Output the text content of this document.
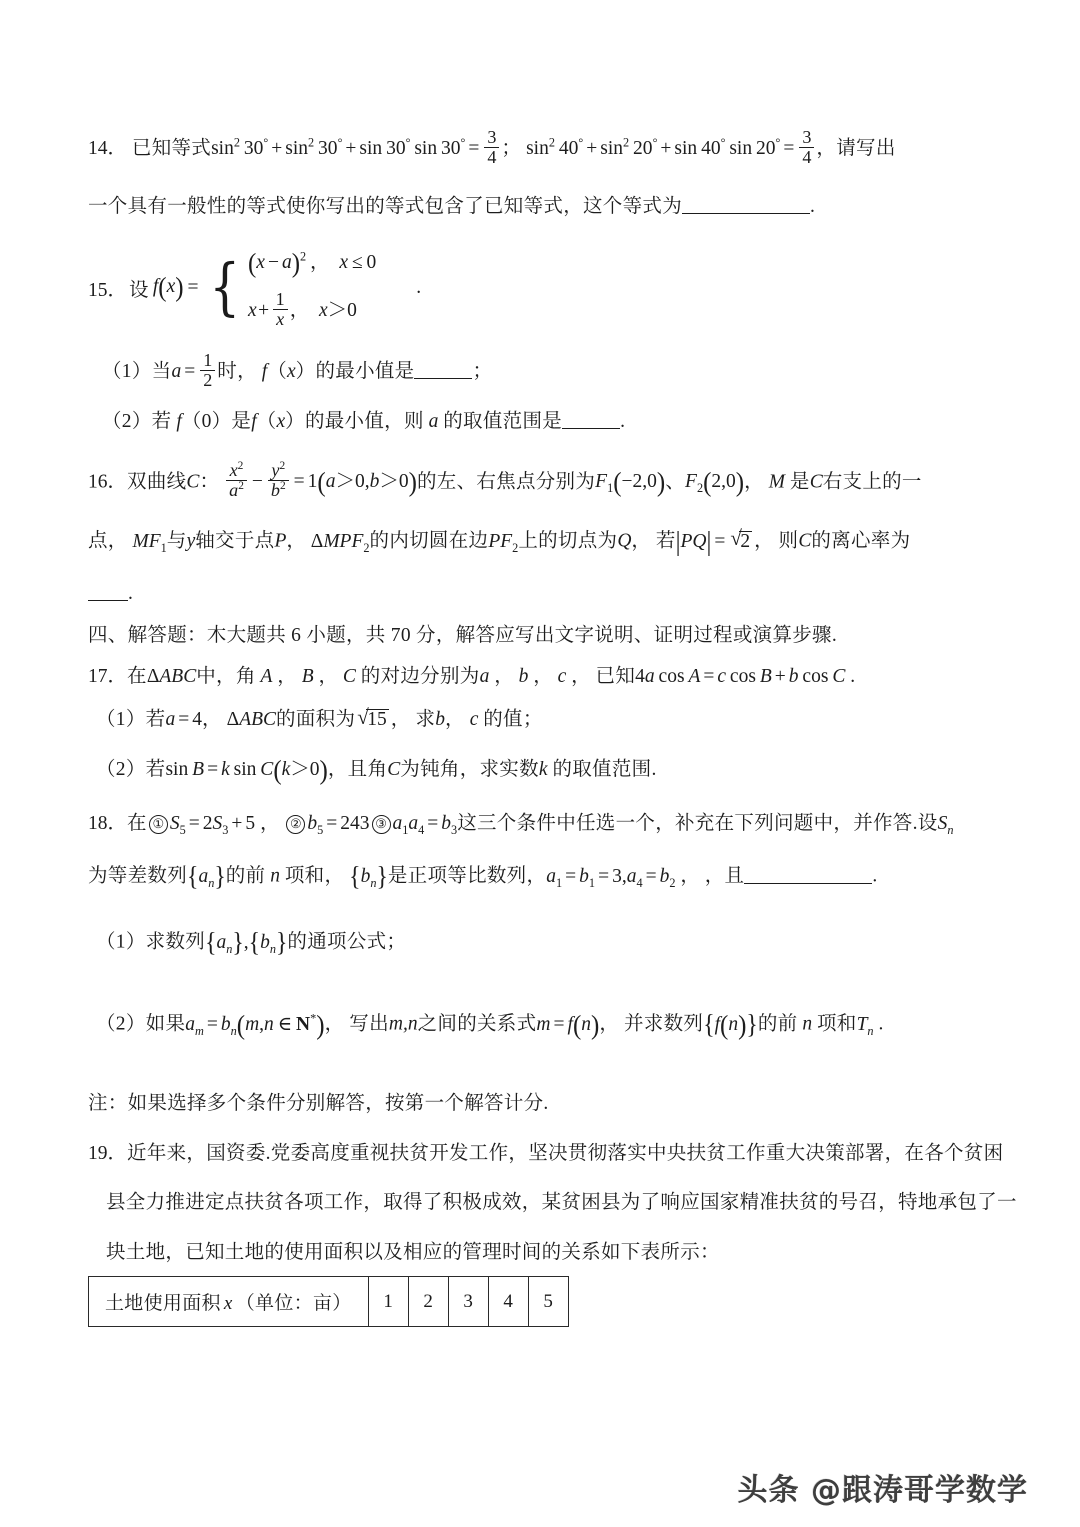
14． 已知等式$\sin^2 30^\circ + \sin^2 30^\circ + \sin 30^\circ$ $\sin 30^\circ = \frac{3}{4}$ ； $\sin^2 40^\circ + \sin^2 20^\circ + \sin 40^\circ$ $\sin 20^\circ = \frac{3}{4}$ ，请写出
一个具有一般性的等式使你写出的等式包含了已知等式，这个等式为	.
15． 设 f(x) = { $(x - a)^2$ ，  x ≤ 0
$x+ \frac{1}{x}$ ，  x＞0
.
（1）当$a = \frac{1}{2}$ 时， f（x）的最小值是	；
（2）若 f（0）是f（x）的最小值，则 a 的取值范围是	.
16．双曲线C： $\frac{x^2}{a^2} - \frac{y^2}{b^2} = 1(a>0,b>0)$的左、右焦点分别为$F_1(-2,0)$、$F_2(2,0)$， M 是C右支上的一
点， $MF_1$与y轴交于点P， $\Delta MPF_2$的内切圆在边$PF_2$上的切点为Q， 若|PQ| = √ 2 ， 则C的离心率为
.
四、解答题：木大题共 6 小题，共 70 分，解答应写出文字说明、证明过程或演算步骤.
17．在ΔABC中，角 A ， B ， C 的对边分别为a ， b ， c ， 已知4a cos A = c cos B + b cos C .
（1）若a = 4， ΔABC的面积为 √ 15 ， 求b， c 的值；
（2）若sin B = k sin C(k＞0)，且角C为钝角，求实数k 的取值范围.
18．在 ① $S_5 = 2S_3 + 5$ ， ② $b_5 = 243$ ③ $a_1a_4 = b_3$这三个条件中任选一个，补充在下列问题中，并作答.设$S_n$
为等差数列$\{a_n\}$的前 n 项和， $\{b_n\}$是正项等比数列，$a_1 = b_1 = 3,a_4 = b_2$ ， ，且	.
（1）求数列$\{a_n\},\{b_n\}$的通项公式；
（2）如果$a_m = b_n(m,n$ ∈ N*)， 写出m,n之间的关系式m = f(n)， 并求数列{f(n)}的前 n 项和$T_n$ .
注：如果选择多个条件分别解答，按第一个解答计分.
19．近年来，国资委.党委高度重视扶贫开发工作，坚决贯彻落实中央扶贫工作重大决策部署，在各个贫困
县全力推进定点扶贫各项工作，取得了积极成效，某贫困县为了响应国家精准扶贫的号召，特地承包了一
块土地，已知土地的使用面积以及相应的管理时间的关系如下表所示：
土地使用面积 x （单位：亩）	1	2	3	4	5
头条 @跟涛哥学数学
